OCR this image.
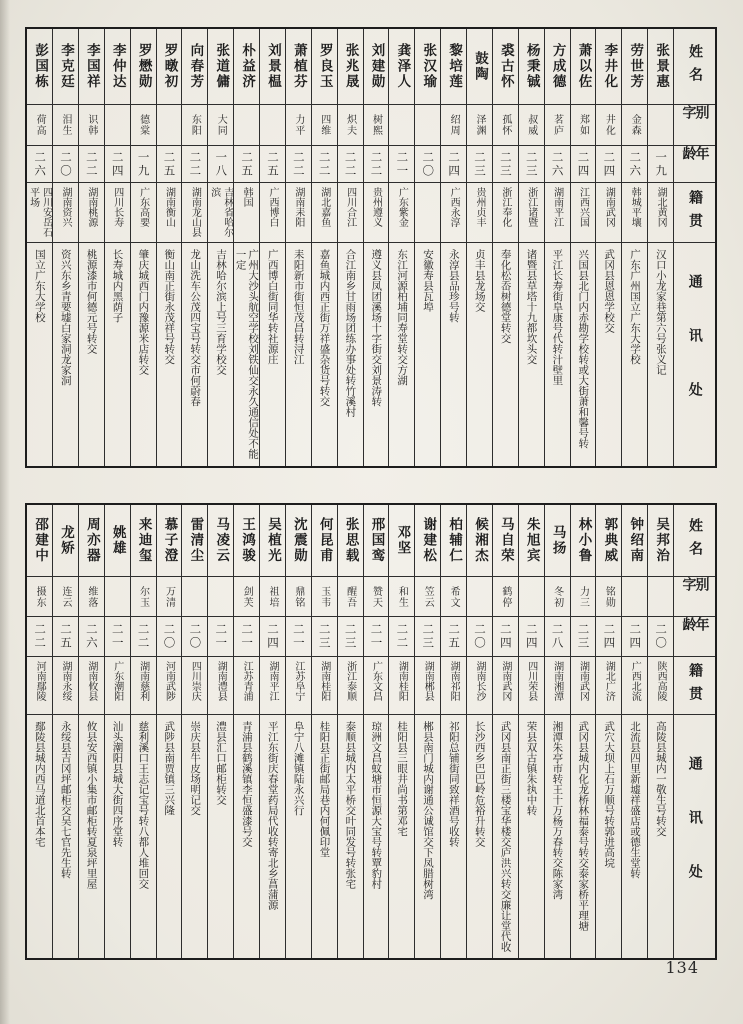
姓名
别字
年龄
籍贯
通讯处
张景惠
一九
湖北黄冈
汉口小龙家巷第六号张义记
劳世芳
金森
二六
韩城平壤
广东广州国立广东大学校
李井化
井化
二四
湖南武冈
武冈县恩恩学校交
萧以佐
郑如
二四
江西兴国
兴国县北门内赤勘学校转或大街萧和馨号转
方成德
茗庐
二六
湖南平江
平江长寿街阜康号代转汁壁里
杨秉铖
叔威
二三
浙江诸暨
诸暨县草塔十九都坎头交
裘古怀
孤怀
二三
浙江奉化
奉化松岙树德堂转交
鼓陶
泽渊
二三
贵州贞丰
贞丰县龙场交
黎培莲
绍周
二四
广西永淳
永淳县品珍号转
张汉瑜
二〇
安徽寿县瓦埠
龚泽人
二一
广东紫金
东江河源柏埔同寿堂转交方湖
刘建勋
树熙
二二
贵州遵义
遵义县凤团溪场十字街交刘景涛转
张兆晟
炽夫
二二
四川合江
合江南乡甘雨场团练办事处转竹溪村
罗良玉
四维
二二
湖北嘉鱼
嘉鱼城内西正街万祥盛杂货号转交
萧植芬
力平
二二
湖南耒阳
耒阳新市街恒茂昌转浔江
刘景榅
二五
广西博白
广西博白街同华转社源庄
朴益济
二五
韩国
广州大沙头航空学校刘铁仙交永久通信处不能一定
张道傭
大同
一八
吉林省哈尔滨
吉林哈尔滨上号三育学校交
向春芳
东阳
二二
湖南龙山县
龙山洗车公茂四宝号转交市何蔚春
罗暾初
二五
湖南衡山
衡山南正街永茂祥号转交
罗懋勋
德棠
一九
广东高要
肇庆城西门内豫源米店转交
李仲达
二四
四川长寿
长寿城内黑荫子
李国祥
识韩
二二
湖南桃源
桃源漆市何德元号转交
李克廷
泪生
二〇
湖南资兴
资兴东乡青要墟白家洞龙家洞
彭国栋
荷高
二六
四川安岳石平场
国立广东大学校
姓名
别字
年龄
籍贯
通讯处
吴邦治
二〇
陕西高陵
高陵县城内一敬生号转交
钟绍南
二四
广西北流
北流县四里新墟祥盛店或德生堂转
郭典威
铭勋
二四
湖北广济
武穴大坝上石万顺号转郭进高垸
林小鲁
力三
二三
湖南武冈
武冈县城内化龙桥林福泰号转交泰家桥平理塘
马扬
冬初
二八
湖南湘潭
湘潭朱亭市转王十万杨万春转交陈家湾
朱旭宾
二四
四川荣县
荣县双古镇朱执中转
马自荣
鹤停
二四
湖南武冈
武冈县南正街三楼宝华楼交庐洪兴转交廉让堂代收
候湘杰
二〇
湖南长沙
长沙西乡巴巴岭危裕升转交
柏辅仁
希文
二五
湖南祁阳
祁阳总铺街同致祥酒号收转
谢建松
笠云
二三
湖南郴县
郴县南门城内谢通公诚馆交下凤腊树湾
邓坚
和生
二二
湖南桂阳
桂阳县三眼井尚书第邓宅
邢国鸾
赞天
二一
广东文昌
琼洲文昌蚊塘市恒源大宝号转覃豹村
张思载
醒吾
二三
浙江泰顺
泰顺县城内太平桥交叶同发号转张宅
何昆甫
玉韦
二三
湖南桂阳
桂阳县正街邮局巷内何佩印堂
沈震勋
鼎铭
二一
江苏阜宁
阜宁八滩镇陆永兴行
吴植光
祖培
二四
湖南平江
平江东街庆春堂药局代收转寄北乡菖蒲源
王鸿骏
剑芙
二一
江苏青浦
青浦县鹤溪镇李恒盛漆号交
马凌云
二一
湖南澧县
澧县汇口邮柜转交
雷清尘
二〇
四川崇庆
崇庆县牛皮场明记交
慕子澄
万清
二〇
河南武陟
武陟县南贾镇三兴隆
来迪玺
尔玉
二二
湖南慈利
慈利溪口王志记宝号转八都人堆回交
姚雄
二一
广东潮阳
汕头潮阳县城大街四序堂转
周亦器
维落
二六
湖南攸县
攸县安西镇小集市邮柜转夏泉坪里屋
龙矫
连云
二五
湖南永绥
永绥县吉冈坪邮柜交吴七官先生转
邵建中
摄东
二二
河南鄢陵
鄢陵县城内西马道北首本宅
134
